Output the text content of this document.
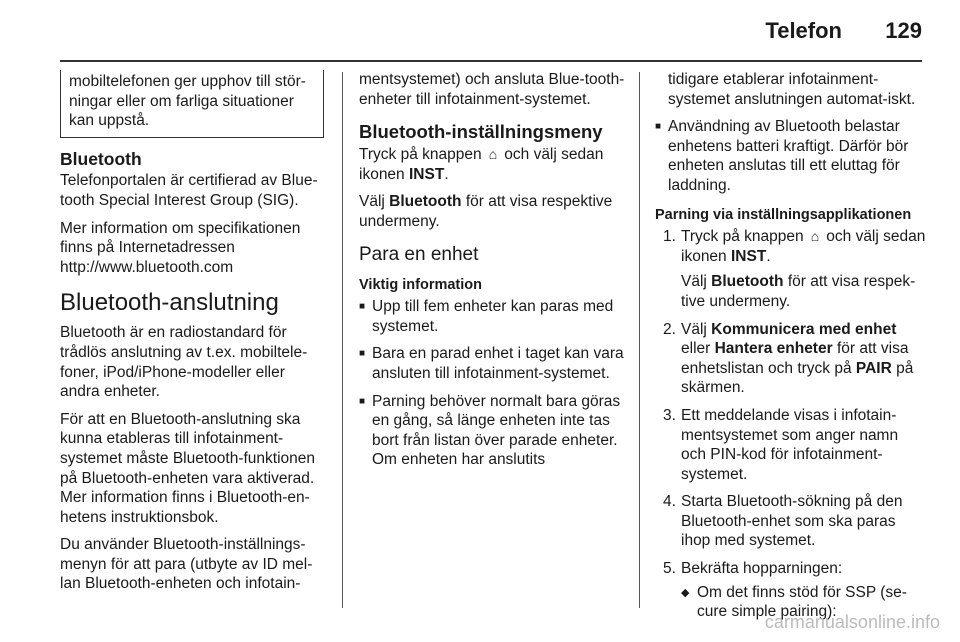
Telefon 129
mobiltelefonen ger upphov till stör-ningar eller om farliga situationer kan uppstå.
Bluetooth

Telefonportalen är certifierad av Blue-tooth Special Interest Group (SIG).

Mer information om specifikationen finns på Internetadressen http://www.bluetooth.com

Bluetooth-anslutning

Bluetooth är en radiostandard för trådlös anslutning av t.ex. mobiltele-foner, iPod/iPhone-modeller eller andra enheter.

För att en Bluetooth-anslutning ska kunna etableras till infotainment-systemet måste Bluetooth-funktionen på Bluetooth-enheten vara aktiverad. Mer information finns i Bluetooth-en-hetens instruktionsbok.

Du använder Bluetooth-inställnings-menyn för att para (utbyte av ID mel-lan Bluetooth-enheten och infotain-

mentsystemet) och ansluta Blue-tooth-enheter till infotainment-systemet.

Bluetooth-inställningsmeny

Tryck på knappen ⌂ och välj sedan ikonen INST.

Välj Bluetooth för att visa respektive undermeny.

Para en enhet
Viktig information
■ Upp till fem enheter kan paras med systemet.
■ Bara en parad enhet i taget kan vara ansluten till infotainment-systemet.
■ Parning behöver normalt bara göras en gång, så länge enheten inte tas bort från listan över parade enheter. Om enheten har anslutits

tidigare etablerar infotainment-systemet anslutningen automat-iskt.

■ Användning av Bluetooth belastar enhetens batteri kraftigt. Därför bör enheten anslutas till ett eluttag för laddning.
Parning via inställningsapplikationen
1. Tryck på knappen ⌂ och välj sedan ikonen INST.
Välj Bluetooth för att visa respek-tive undermeny.
2. Välj Kommunicera med enhet eller Hantera enheter för att visa enhetslistan och tryck på PAIR på skärmen.
3. Ett meddelande visas i infotain-mentsystemet som anger namn och PIN-kod för infotainment-systemet.
4. Starta Bluetooth-sökning på den Bluetooth-enhet som ska paras ihop med systemet.
5. Bekräfta hopparningen:
◆ Om det finns stöd för SSP (se-cure simple pairing):
carmanualsonline.info
